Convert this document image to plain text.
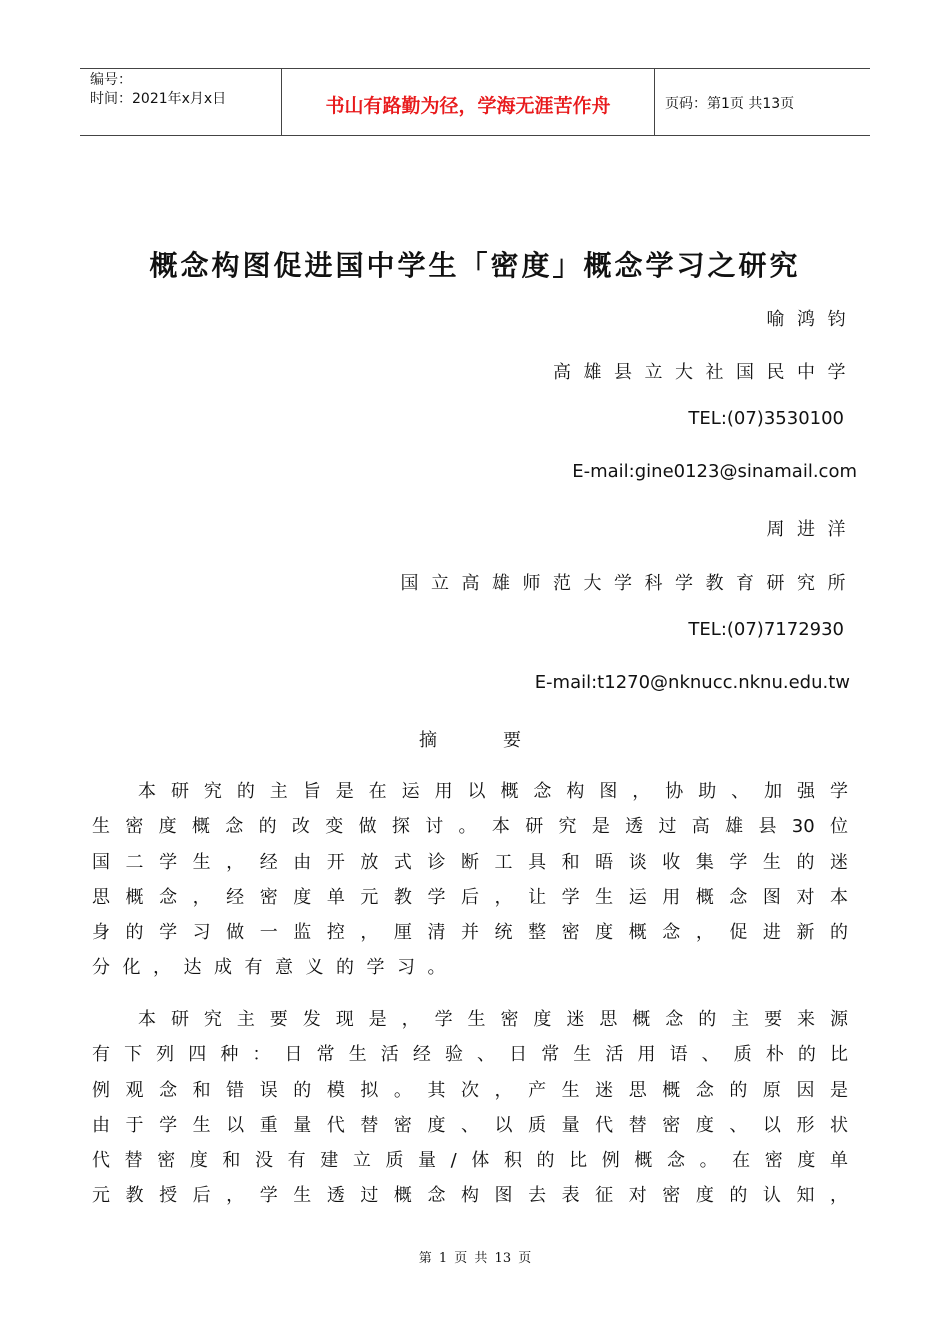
编号：
时间：2021年x月x日	书山有路勤为径，学海无涯苦作舟	页码：第1页 共13页
概念构图促进国中学生「密度」概念学习之研究
喻鸿钧
高雄县立大社国民中学
TEL:(07)3530100
E-mail:gine0123@sinamail.com
周进洋
国立高雄师范大学科学教育研究所
TEL:(07)7172930
E-mail:t1270@nknucc.nknu.edu.tw
摘要
本研究的主旨是在运用以概念构图，协助、加强学
生密度概念的改变做探讨。本研究是透过高雄县30位
国二学生，经由开放式诊断工具和晤谈收集学生的迷
思概念，经密度单元教学后，让学生运用概念图对本
身的学习做一监控，厘清并统整密度概念，促进新的
分化，达成有意义的学习。
本研究主要发现是，学生密度迷思概念的主要来源
有下列四种：日常生活经验、日常生活用语、质朴的比
例观念和错误的模拟。其次，产生迷思概念的原因是
由于学生以重量代替密度、以质量代替密度、以形状
代替密度和没有建立质量/体积的比例概念。在密度单
元教授后，学生透过概念构图去表征对密度的认知，
第 1 页 共 13 页
